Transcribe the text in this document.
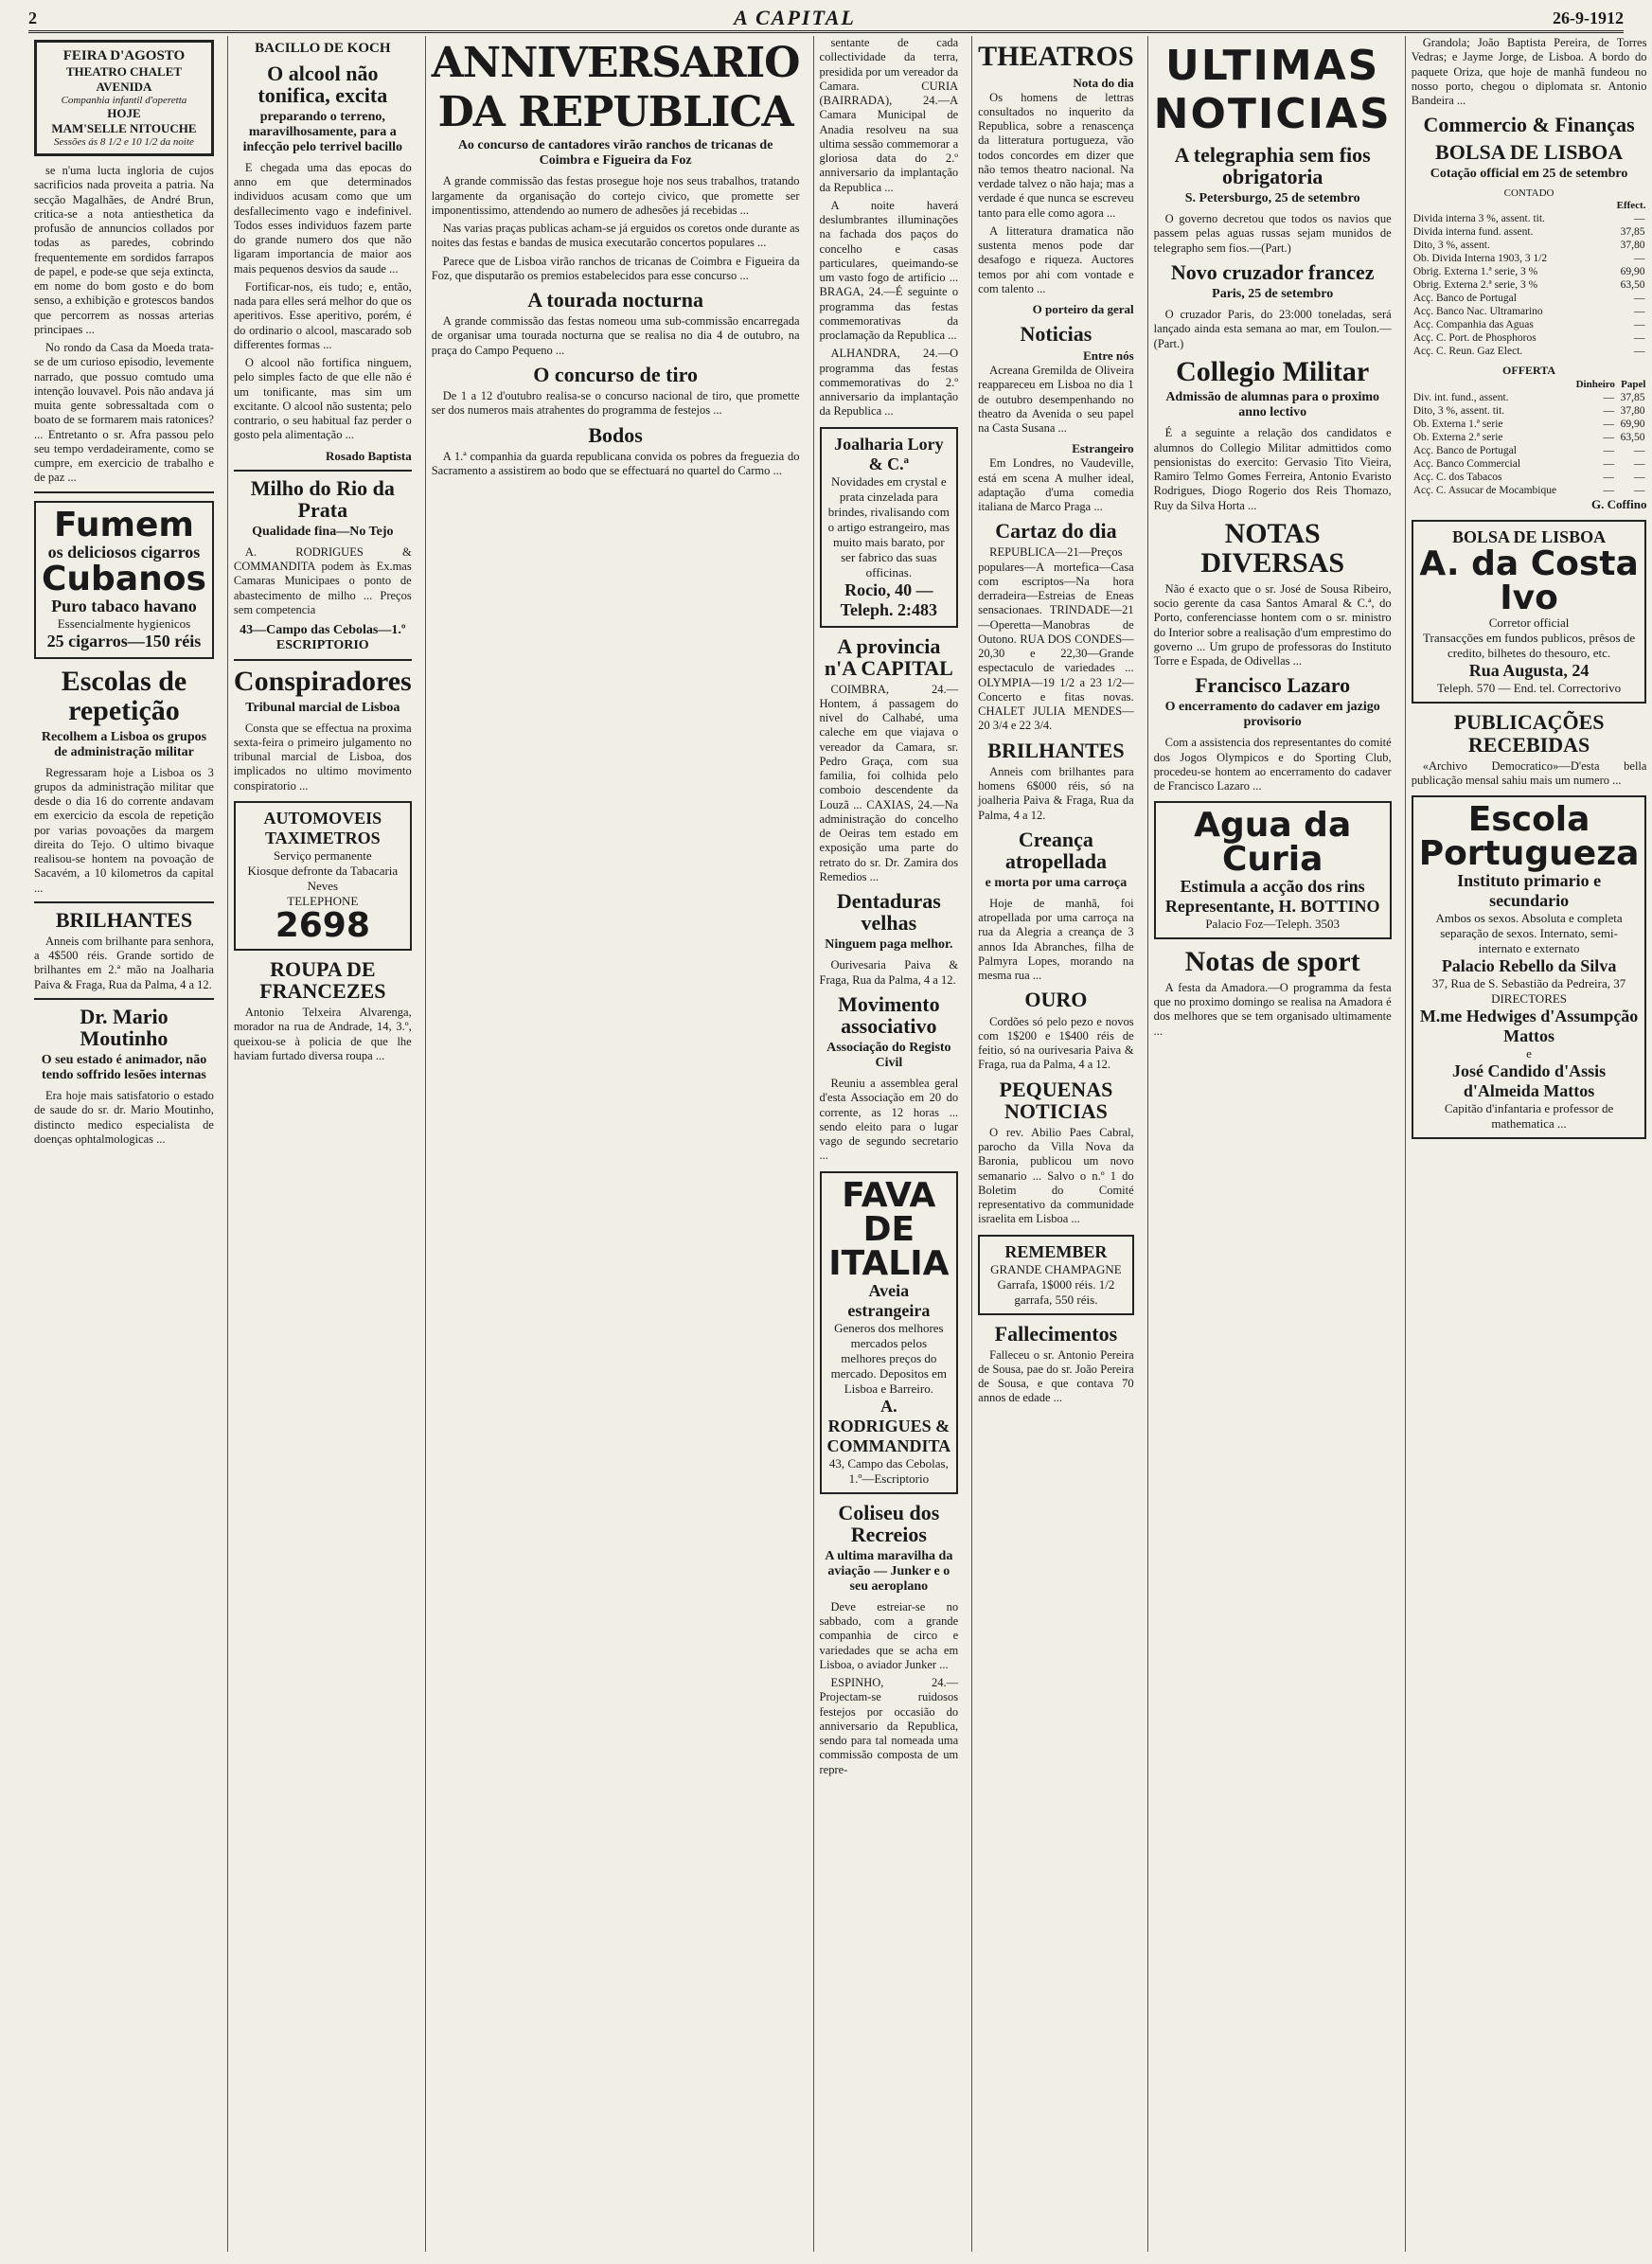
2	A CAPITAL	26-9-1912
FEIRA D'AGOSTO
THEATRO CHALET AVENIDA
Companhia infantil d'operetta
HOJE
MAM'SELLE NITOUCHE
Sessões ás 8 1/2 e 10 1/2 da noite

se n'uma lucta ingloria de cujos sacrificios nada proveita a patria. Na secção Magalhães, de André Brun, critica-se a nota antiesthetica da profusão de annuncios collados por todas as paredes, cobrindo frequentemente em sordidos farrapos de papel, e pode-se que seja extincta, em nome do bom gosto e do bom senso, a exhibição e grotescos bandos que percorrem as nossas arterias principaes ...

No rondo da Casa da Moeda trata-se de um curioso episodio, levemente narrado, que possuo comtudo uma intenção louvavel. Pois não andava já muita gente sobressaltada com o boato de se formarem mais ratonices? ... Entretanto o sr. Afra passou pelo seu tempo verdadeiramente, como se cumpre, em exercicio de trabalho e de paz ...

Fumem
os deliciosos cigarros
Cubanos
Puro tabaco havano
Essencialmente hygienicos
25 cigarros—150 réis
Escolas de repetição
Recolhem a Lisboa os grupos de administração militar

Regressaram hoje a Lisboa os 3 grupos da administração militar que desde o dia 16 do corrente andavam em exercicio da escola de repetição por varias povoações da margem direita do Tejo. O ultimo bivaque realisou-se hontem na povoação de Sacavém, a 10 kilometros da capital ...

BRILHANTES

Anneis com brilhante para senhora, a 4$500 réis. Grande sortido de brilhantes em 2.ª mão na Joalharia Paiva & Fraga, Rua da Palma, 4 a 12.

Dr. Mario Moutinho
O seu estado é animador, não tendo soffrido lesões internas

Era hoje mais satisfatorio o estado de saude do sr. dr. Mario Moutinho, distincto medico especialista de doenças ophtalmologicas ...

BACILLO DE KOCH
O alcool não tonifica, excita
preparando o terreno, maravilhosamente, para a infecção pelo terrivel bacillo

E chegada uma das epocas do anno em que determinados individuos acusam como que um desfallecimento vago e indefinivel. Todos esses individuos fazem parte do grande numero dos que não ligaram importancia de maior aos mais pequenos desvios da saude ...

Fortificar-nos, eis tudo; e, então, nada para elles será melhor do que os aperitivos. Esse aperitivo, porém, é do ordinario o alcool, mascarado sob differentes formas ...

O alcool não fortifica ninguem, pelo simples facto de que elle não é um tonificante, mas sim um excitante. O alcool não sustenta; pelo contrario, o seu habitual faz perder o gosto pela alimentação ...

Rosado Baptista
Milho do Rio da Prata
Qualidade fina—No Tejo

A. RODRIGUES & COMMANDITA podem às Ex.mas Camaras Municipaes o ponto de abastecimento de milho ... Preços sem competencia

43—Campo das Cebolas—1.º ESCRIPTORIO
Conspiradores
Tribunal marcial de Lisboa

Consta que se effectua na proxima sexta-feira o primeiro julgamento no tribunal marcial de Lisboa, dos implicados no ultimo movimento conspiratorio ...

AUTOMOVEIS TAXIMETROS
Serviço permanente
Kiosque defronte da Tabacaria Neves
TELEPHONE
2698
ROUPA DE FRANCEZES

Antonio Telxeira Alvarenga, morador na rua de Andrade, 14, 3.º, queixou-se à policia de que lhe haviam furtado diversa roupa ...

ANNIVERSARIO
DA REPUBLICA
Ao concurso de cantadores virão ranchos de tricanas de Coimbra e Figueira da Foz

A grande commissão das festas prosegue hoje nos seus trabalhos, tratando largamente da organisação do cortejo civico, que promette ser imponentissimo, attendendo ao numero de adhesões já recebidas ...

Nas varias praças publicas acham-se já erguidos os coretos onde durante as noites das festas e bandas de musica executarão concertos populares ...

Parece que de Lisboa virão ranchos de tricanas de Coimbra e Figueira da Foz, que disputarão os premios estabelecidos para esse concurso ...

A tourada nocturna

A grande commissão das festas nomeou uma sub-commissão encarregada de organisar uma tourada nocturna que se realisa no dia 4 de outubro, na praça do Campo Pequeno ...

O concurso de tiro

De 1 a 12 d'outubro realisa-se o concurso nacional de tiro, que promette ser dos numeros mais atrahentes do programma de festejos ...

Bodos

A 1.ª companhia da guarda republicana convida os pobres da freguezia do Sacramento a assistirem ao bodo que se effectuará no quartel do Carmo ...

sentante de cada collectividade da terra, presidida por um vereador da Camara. CURIA (BAIRRADA), 24.—A Camara Municipal de Anadia resolveu na sua ultima sessão commemorar a gloriosa data do 2.º anniversario da implantação da Republica ...

A noite haverá deslumbrantes illuminações na fachada dos paços do concelho e casas particulares, queimando-se um vasto fogo de artificio ... BRAGA, 24.—É seguinte o programma das festas commemorativas da proclamação da Republica ...

ALHANDRA, 24.—O programma das festas commemorativas do 2.º anniversario da implantação da Republica ...

Joalharia Lory & C.ª
Novidades em crystal e prata cinzelada para brindes, rivalisando com o artigo estrangeiro, mas muito mais barato, por ser fabrico das suas officinas.
Rocio, 40 — Teleph. 2:483
A provincia n'A CAPITAL

COIMBRA, 24.—Hontem, á passagem do nivel do Calhabé, uma caleche em que viajava o vereador da Camara, sr. Pedro Graça, com sua familia, foi colhida pelo comboio descendente da Louzã ... CAXIAS, 24.—Na administração do concelho de Oeiras tem estado em exposição uma parte do retrato do sr. Dr. Zamira dos Remedios ...

Dentaduras velhas
Ninguem paga melhor.

Ourivesaria Paiva & Fraga, Rua da Palma, 4 a 12.

Movimento associativo
Associação do Registo Civil

Reuniu a assemblea geral d'esta Associação em 20 do corrente, as 12 horas ... sendo eleito para o lugar vago de segundo secretario ...

FAVA DE ITALIA
Aveia estrangeira
Generos dos melhores mercados pelos melhores preços do mercado. Depositos em Lisboa e Barreiro.
A. RODRIGUES & COMMANDITA
43, Campo das Cebolas, 1.º—Escriptorio
Coliseu dos Recreios
A ultima maravilha da aviação — Junker e o seu aeroplano

Deve estreiar-se no sabbado, com a grande companhia de circo e variedades que se acha em Lisboa, o aviador Junker ...

ESPINHO, 24.—Projectam-se ruidosos festejos por occasião do anniversario da Republica, sendo para tal nomeada uma commissão composta de um repre-

THEATROS
Nota do dia

Os homens de lettras consultados no inquerito da Republica, sobre a renascença da litteratura portugueza, vão todos concordes em dizer que não temos theatro nacional. Na verdade talvez o não haja; mas a verdade é que nunca se escreveu tanto para elle como agora ...

A litteratura dramatica não sustenta menos pode dar desafogo e riqueza. Auctores temos por ahi com vontade e com talento ...

O porteiro da geral
Noticias
Entre nós

Acreana Gremilda de Oliveira reappareceu em Lisboa no dia 1 de outubro desempenhando no theatro da Avenida o seu papel na Casta Susana ...

Estrangeiro

Em Londres, no Vaudeville, está em scena A mulher ideal, adaptação d'uma comedia italiana de Marco Praga ...

Cartaz do dia

REPUBLICA—21—Preços populares—A mortefica—Casa com escriptos—Na hora derradeira—Estreias de Eneas sensacionaes. TRINDADE—21—Operetta—Manobras de Outono. RUA DOS CONDES—20,30 e 22,30—Grande espectaculo de variedades ... OLYMPIA—19 1/2 a 23 1/2—Concerto e fitas novas. CHALET JULIA MENDES—20 3/4 e 22 3/4.

BRILHANTES

Anneis com brilhantes para homens 6$000 réis, só na joalheria Paiva & Fraga, Rua da Palma, 4 a 12.

Creança atropellada
e morta por uma carroça

Hoje de manhã, foi atropellada por uma carroça na rua da Alegria a creança de 3 annos Ida Abranches, filha de Palmyra Lopes, morando na mesma rua ...

OURO

Cordões só pelo pezo e novos com 1$200 e 1$400 réis de feitio, só na ourivesaria Paiva & Fraga, rua da Palma, 4 a 12.

PEQUENAS NOTICIAS

O rev. Abilio Paes Cabral, parocho da Villa Nova da Baronia, publicou um novo semanario ... Salvo o n.º 1 do Boletim do Comité representativo da communidade israelita em Lisboa ...

REMEMBER
GRANDE CHAMPAGNE
Garrafa, 1$000 réis. 1/2 garrafa, 550 réis.
Fallecimentos

Falleceu o sr. Antonio Pereira de Sousa, pae do sr. João Pereira de Sousa, e que contava 70 annos de edade ...

ULTIMAS NOTICIAS
A telegraphia sem fios obrigatoria
S. Petersburgo, 25 de setembro

O governo decretou que todos os navios que passem pelas aguas russas sejam munidos de telegrapho sem fios.—(Part.)

Novo cruzador francez
Paris, 25 de setembro

O cruzador Paris, do 23:000 toneladas, será lançado ainda esta semana ao mar, em Toulon.—(Part.)

Collegio Militar
Admissão de alumnas para o proximo anno lectivo

É a seguinte a relação dos candidatos e alumnos do Collegio Militar admittidos como pensionistas do exercito: Gervasio Tito Vieira, Ramiro Telmo Gomes Ferreira, Antonio Evaristo Rodrigues, Diogo Rogerio dos Reis Thomazo, Ruy da Silva Horta ...

NOTAS DIVERSAS

Não é exacto que o sr. José de Sousa Ribeiro, socio gerente da casa Santos Amaral & C.ª, do Porto, conferenciasse hontem com o sr. ministro do Interior sobre a realisação d'um emprestimo do governo ... Um grupo de professoras do Instituto Torre e Espada, de Odivellas ...

Francisco Lazaro
O encerramento do cadaver em jazigo provisorio

Com a assistencia dos representantes do comité dos Jogos Olympicos e do Sporting Club, procedeu-se hontem ao encerramento do cadaver de Francisco Lazaro ...

Agua da Curia
Estimula a acção dos rins
Representante, H. BOTTINO
Palacio Foz—Teleph. 3503
Notas de sport

A festa da Amadora.—O programma da festa que no proximo domingo se realisa na Amadora é dos melhores que se tem organisado ultimamente ...

Grandola; João Baptista Pereira, de Torres Vedras; e Jayme Jorge, de Lisboa. A bordo do paquete Oriza, que hoje de manhã fundeou no nosso porto, chegou o diplomata sr. Antonio Bandeira ...

Commercio & Finanças
BOLSA DE LISBOA
Cotação official em 25 de setembro
CONTADO
	Effect.
Divida interna 3 %, assent. tit.	—
Divida interna fund. assent.	37,85
Dito, 3 %, assent.	37,80
Ob. Divida Interna 1903, 3 1/2	—
Obrig. Externa 1.ª serie, 3 %	69,90
Obrig. Externa 2.ª serie, 3 %	63,50
Acç. Banco de Portugal	—
Acç. Banco Nac. Ultramarino	—
Acç. Companhia das Aguas	—
Acç. C. Port. de Phosphoros	—
Acç. C. Reun. Gaz Elect.	—
OFFERTA
	Dinheiro	Papel
Div. int. fund., assent.	—	37,85
Dito, 3 %, assent. tit.	—	37,80
Ob. Externa 1.ª serie	—	69,90
Ob. Externa 2.ª serie	—	63,50
Acç. Banco de Portugal	—	—
Acç. Banco Commercial	—	—
Acç. C. dos Tabacos	—	—
Acç. C. Assucar de Mocambique	—	—
G. Coffino
BOLSA DE LISBOA
A. da Costa Ivo
Corretor official
Transacções em fundos publicos, prêsos de credito, bilhetes do thesouro, etc.
Rua Augusta, 24
Teleph. 570 — End. tel. Correctorivo
PUBLICAÇÕES RECEBIDAS

«Archivo Democratico»—D'esta bella publicação mensal sahiu mais um numero ...

Escola Portugueza
Instituto primario e secundario
Ambos os sexos. Absoluta e completa separação de sexos. Internato, semi-internato e externato
Palacio Rebello da Silva
37, Rua de S. Sebastião da Pedreira, 37
DIRECTORES
M.me Hedwiges d'Assumpção Mattos
e
José Candido d'Assis d'Almeida Mattos
Capitão d'infantaria e professor de mathematica ...
